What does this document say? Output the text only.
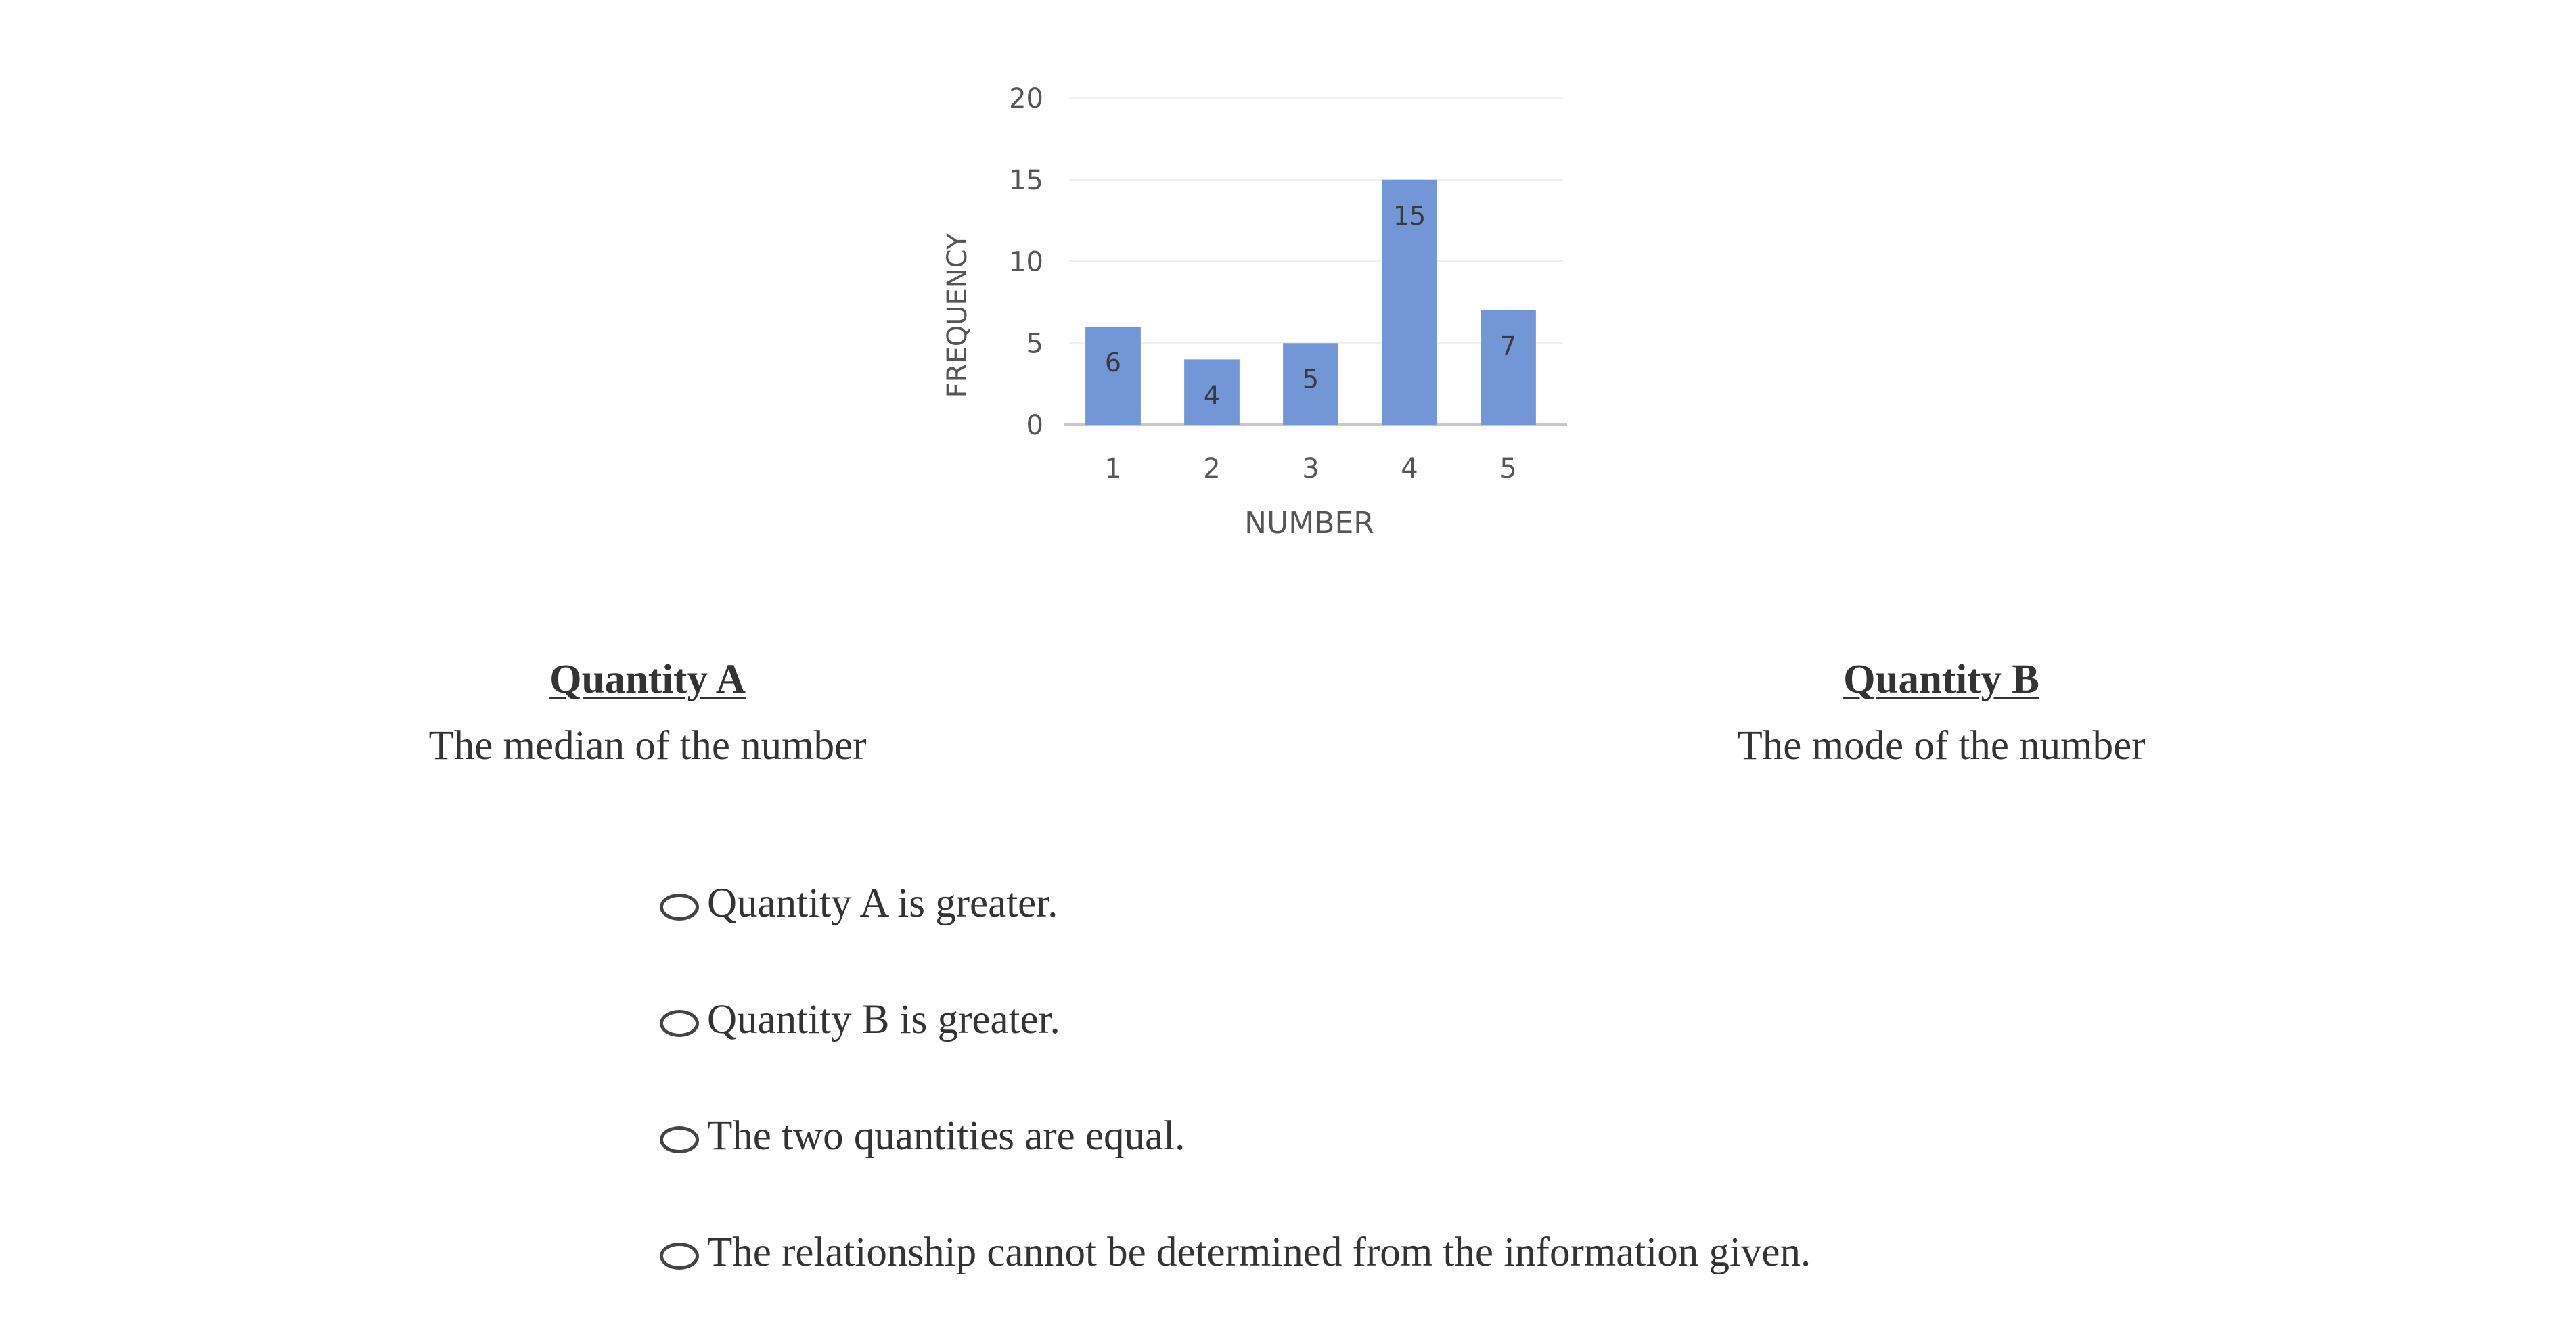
0
5
10
15
20
6
4
5
15
7
1	2	3	4	5
NUMBER
FREQUENCY
Quantity A
The median of the number
Quantity B
The mode of the number
Quantity A is greater.
Quantity B is greater.
The two quantities are equal.
The relationship cannot be determined from the information given.
